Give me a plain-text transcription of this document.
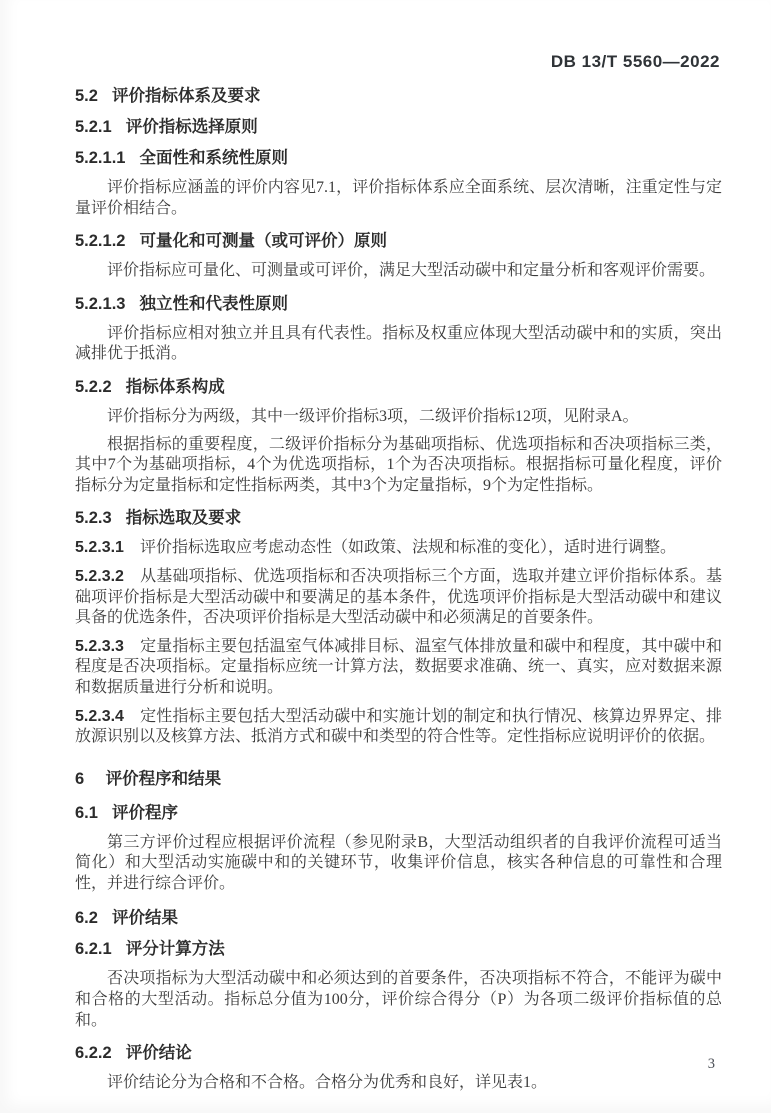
DB 13/T 5560—2022
5.2 评价指标体系及要求
5.2.1 评价指标选择原则
5.2.1.1 全面性和系统性原则

评价指标应涵盖的评价内容见7.1，评价指标体系应全面系统、层次清晰，注重定性与定量评价相结合。

5.2.1.2 可量化和可测量（或可评价）原则

评价指标应可量化、可测量或可评价，满足大型活动碳中和定量分析和客观评价需要。

5.2.1.3 独立性和代表性原则

评价指标应相对独立并且具有代表性。指标及权重应体现大型活动碳中和的实质，突出减排优于抵消。

5.2.2 指标体系构成

评价指标分为两级，其中一级评价指标3项，二级评价指标12项，见附录A。

根据指标的重要程度，二级评价指标分为基础项指标、优选项指标和否决项指标三类，其中7个为基础项指标，4个为优选项指标，1个为否决项指标。根据指标可量化程度，评价指标分为定量指标和定性指标两类，其中3个为定量指标，9个为定性指标。

5.2.3 指标选取及要求

5.2.3.1 评价指标选取应考虑动态性（如政策、法规和标准的变化），适时进行调整。

5.2.3.2 从基础项指标、优选项指标和否决项指标三个方面，选取并建立评价指标体系。基础项评价指标是大型活动碳中和要满足的基本条件，优选项评价指标是大型活动碳中和建议具备的优选条件，否决项评价指标是大型活动碳中和必须满足的首要条件。

5.2.3.3 定量指标主要包括温室气体减排目标、温室气体排放量和碳中和程度，其中碳中和程度是否决项指标。定量指标应统一计算方法，数据要求准确、统一、真实，应对数据来源和数据质量进行分析和说明。

5.2.3.4 定性指标主要包括大型活动碳中和实施计划的制定和执行情况、核算边界界定、排放源识别以及核算方法、抵消方式和碳中和类型的符合性等。定性指标应说明评价的依据。

6 评价程序和结果
6.1 评价程序

第三方评价过程应根据评价流程（参见附录B，大型活动组织者的自我评价流程可适当简化）和大型活动实施碳中和的关键环节，收集评价信息，核实各种信息的可靠性和合理性，并进行综合评价。

6.2 评价结果
6.2.1 评分计算方法

否决项指标为大型活动碳中和必须达到的首要条件，否决项指标不符合，不能评为碳中和合格的大型活动。指标总分值为100分，评价综合得分（P）为各项二级评价指标值的总和。

6.2.2 评价结论

评价结论分为合格和不合格。合格分为优秀和良好，详见表1。

3
